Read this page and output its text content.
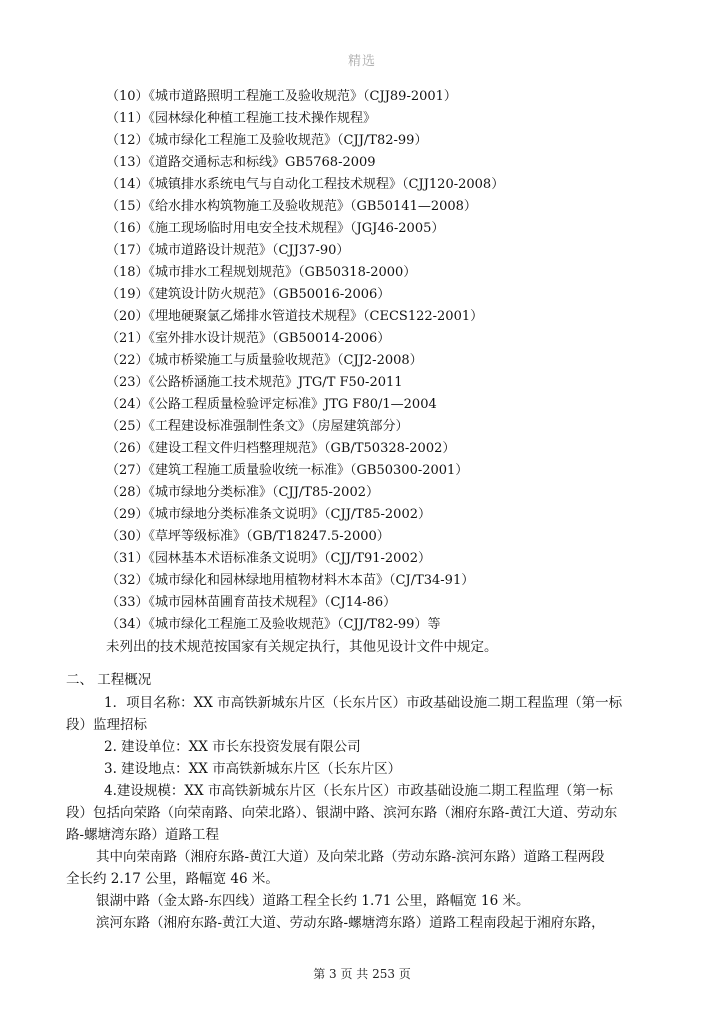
精选
（10）《城市道路照明工程施工及验收规范》（CJJ89-2001）
（11）《园林绿化种植工程施工技术操作规程》
（12）《城市绿化工程施工及验收规范》（CJJ/T82-99）
（13）《道路交通标志和标线》GB5768-2009
（14）《城镇排水系统电气与自动化工程技术规程》（CJJ120-2008）
（15）《给水排水构筑物施工及验收规范》（GB50141—2008）
（16）《施工现场临时用电安全技术规程》（JGJ46-2005）
（17）《城市道路设计规范》（CJJ37-90）
（18）《城市排水工程规划规范》（GB50318-2000）
（19）《建筑设计防火规范》（GB50016-2006）
（20）《埋地硬聚氯乙烯排水管道技术规程》（CECS122-2001）
（21）《室外排水设计规范》（GB50014-2006）
（22）《城市桥梁施工与质量验收规范》（CJJ2-2008）
（23）《公路桥涵施工技术规范》JTG/T F50-2011
（24）《公路工程质量检验评定标准》JTG F80/1—2004
（25）《工程建设标准强制性条文》（房屋建筑部分）
（26）《建设工程文件归档整理规范》（GB/T50328-2002）
（27）《建筑工程施工质量验收统一标准》（GB50300-2001）
（28）《城市绿地分类标准》（CJJ/T85-2002）
（29）《城市绿地分类标准条文说明》（CJJ/T85-2002）
（30）《草坪等级标准》（GB/T18247.5-2000）
（31）《园林基本术语标准条文说明》（CJJ/T91-2002）
（32）《城市绿化和园林绿地用植物材料木本苗》（CJ/T34-91）
（33）《城市园林苗圃育苗技术规程》（CJ14-86）
（34）《城市绿化工程施工及验收规范》（CJJ/T82-99）等
未列出的技术规范按国家有关规定执行，其他见设计文件中规定。
二、 工程概况
1．项目名称：XX 市高铁新城东片区（长东片区）市政基础设施二期工程监理（第一标
段）监理招标
2. 建设单位：XX 市长东投资发展有限公司
3. 建设地点：XX 市高铁新城东片区（长东片区）
4.建设规模：XX 市高铁新城东片区（长东片区）市政基础设施二期工程监理（第一标
段）包括向荣路（向荣南路、向荣北路）、银湖中路、滨河东路（湘府东路-黄江大道、劳动东
路-螺塘湾东路）道路工程
其中向荣南路（湘府东路-黄江大道）及向荣北路（劳动东路-滨河东路）道路工程两段
全长约 2.17 公里，路幅宽 46 米。
银湖中路（金太路-东四线）道路工程全长约 1.71 公里，路幅宽 16 米。
滨河东路（湘府东路-黄江大道、劳动东路-螺塘湾东路）道路工程南段起于湘府东路，
第 3 页 共 253 页
